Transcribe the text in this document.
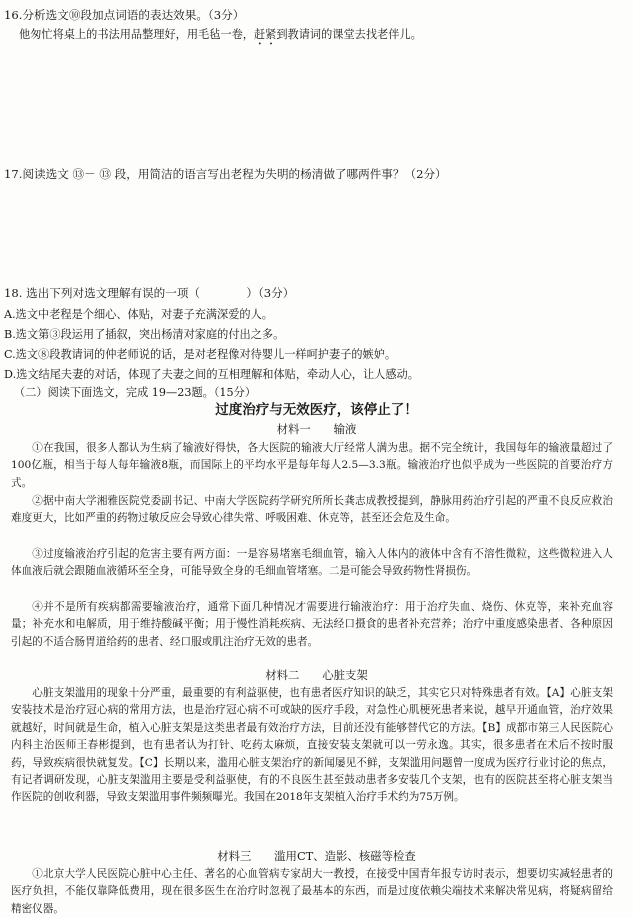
16.分析选文⑩段加点词语的表达效果。（3分）
他匆忙将桌上的书法用品整理好，用毛毡一卷，赶紧到教请词的课堂去找老伴儿。
17.阅读选文 ⑬－ ⑬ 段，用简洁的语言写出老程为失明的杨清做了哪两件事？（2分）
18. 选出下列对选文理解有误的一项（　　　　）（3分）
A.选文中老程是个细心、体贴，对妻子充满深爱的人。
B.选文第③段运用了插叙，突出杨清对家庭的付出之多。
C.选文⑧段教请词的仲老师说的话，是对老程像对待婴儿一样呵护妻子的嫉妒。
D.选文结尾夫妻的对话，体现了夫妻之间的互相理解和体贴，牵动人心，让人感动。
（二）阅读下面选文，完成 19—23题。（15分）
过度治疗与无效医疗，该停止了！
材料一　　输液
①在我国，很多人都认为生病了输液好得快，各大医院的输液大厅经常人满为患。据不完全统计，我国每年的输液量超过了100亿瓶，相当于每人每年输液8瓶，而国际上的平均水平是每年每人2.5—3.3瓶。输液治疗也似乎成为一些医院的首要治疗方式。
②据中南大学湘雅医院党委副书记、中南大学医院药学研究所所长龚志成教授提到，静脉用药治疗引起的严重不良反应救治难度更大，比如严重的药物过敏反应会导致心律失常、呼吸困难、休克等，甚至还会危及生命。
③过度输液治疗引起的危害主要有两方面：一是容易堵塞毛细血管，输入人体内的液体中含有不溶性微粒，这些微粒进入人体血液后就会跟随血液循环至全身，可能导致全身的毛细血管堵塞。二是可能会导致药物性肾损伤。
④并不是所有疾病都需要输液治疗，通常下面几种情况才需要进行输液治疗：用于治疗失血、烧伤、休克等，来补充血容量；补充水和电解质，用于维持酸碱平衡；用于慢性消耗疾病、无法经口摄食的患者补充营养；治疗中重度感染患者、各种原因引起的不适合肠胃道给药的患者、经口服或肌注治疗无效的患者。
材料二　　心脏支架
心脏支架滥用的现象十分严重，最重要的有利益驱使，也有患者医疗知识的缺乏，其实它只对特殊患者有效。【A】心脏支架安装技术是治疗冠心病的常用方法，也是治疗冠心病不可或缺的医疗手段，对急性心肌梗死患者来说，越早开通血管，治疗效果就越好，时间就是生命，植入心脏支架是这类患者最有效治疗方法，目前还没有能够替代它的方法。【B】成都市第三人民医院心内科主治医师王春彬提到，也有患者认为打针、吃药太麻烦，直接安装支架就可以一劳永逸。其实，很多患者在术后不按时服药，导致疾病很快就复发。【C】长期以来，滥用心脏支架治疗的新闻屡见不鲜，支架滥用问题曾一度成为医疗行业讨论的焦点，有记者调研发现，心脏支架滥用主要是受利益驱使，有的不良医生甚至鼓动患者多安装几个支架，也有的医院甚至将心脏支架当作医院的创收利器，导致支架滥用事件频频曝光。我国在2018年支架植入治疗手术约为75万例。
材料三　　滥用CT、造影、核磁等检查
①北京大学人民医院心脏中心主任、著名的心血管病专家胡大一教授，在接受中国青年报专访时表示，想要切实减轻患者的医疗负担，不能仅靠降低费用，现在很多医生在治疗时忽视了最基本的东西，而是过度依赖尖端技术来解决常见病，将疑病留给精密仪器。
